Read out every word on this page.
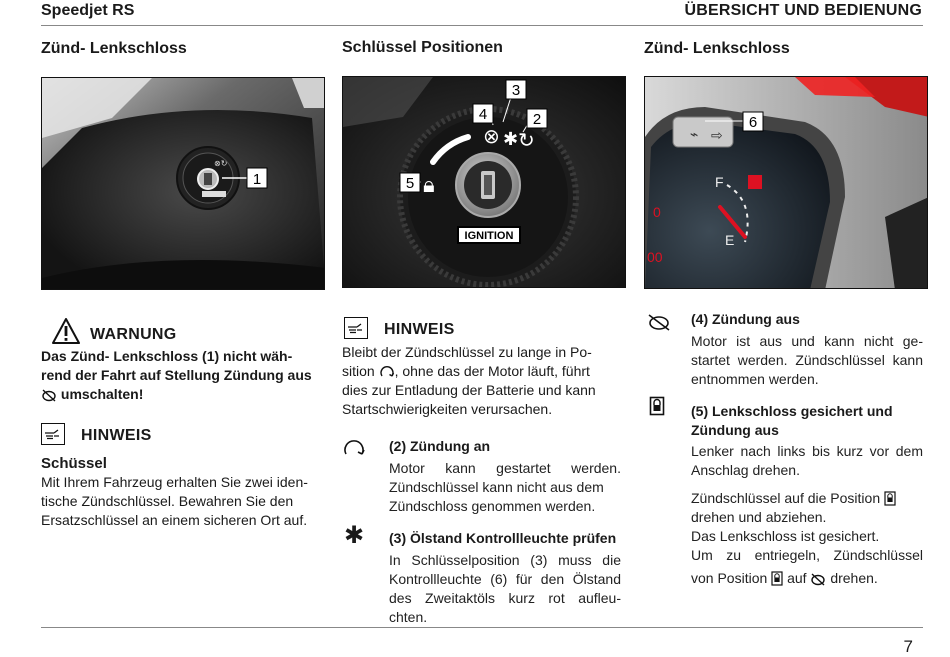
Speedjet RS	ÜBERSICHT UND BEDIENUNG
Zünd- Lenkschloss	Schlüssel Positionen	Zünd- Lenkschloss
⊗↻
1
⊗ ✱ ↻
🔒︎
IGNITION
3
4	2
5
⌁ ⇨
6
F
E
0
00
WARNUNG
Das Zünd- Lenkschloss (1) nicht wäh-
rend der Fahrt auf Stellung Zündung aus
umschalten!
HINWEIS
Schüssel
Mit Ihrem Fahrzeug erhalten Sie zwei iden-
tische Zündschlüssel. Bewahren Sie den
Ersatzschlüssel an einem sicheren Ort auf.
HINWEIS
Bleibt der Zündschlüssel zu lange in Po-
sition , ohne das der Motor läuft, führt
dies zur Entladung der Batterie und kann
Startschwierigkeiten verursachen.
(2) Zündung an
Motor kann gestartet werden.
Zündschlüssel kann nicht aus dem
Zündschloss genommen werden.
✱ (3) Ölstand Kontrollleuchte prüfen
In Schlüsselposition (3) muss die
Kontrollleuchte (6) für den Ölstand
des Zweitaktöls kurz rot aufleu-
chten.
(4) Zündung aus
Motor ist aus und kann nicht ge-
startet werden. Zündschlüssel kann
entnommen werden.
(5) Lenkschloss gesichert und
Zündung aus
Lenker nach links bis kurz vor dem
Anschlag drehen.
Zündschlüssel auf die Position
drehen und abziehen.
Das Lenkschloss ist gesichert.
Um zu entriegeln, Zündschlüssel
von Position auf drehen.
7
